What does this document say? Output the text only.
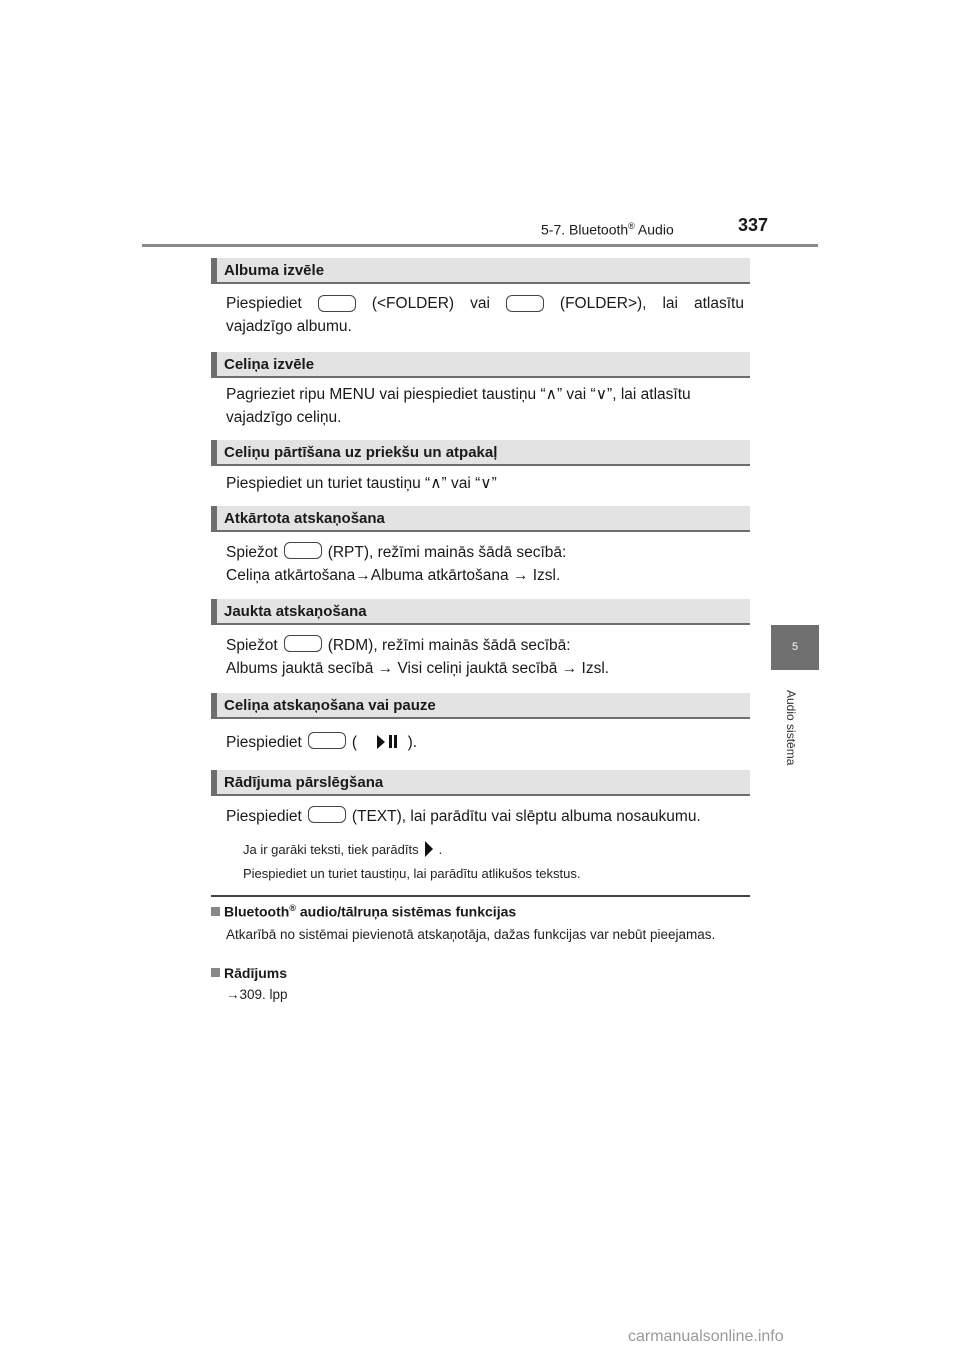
5-7. Bluetooth® Audio	337
5
Audio sistēma
Albuma izvēle
Piespiediet	(<FOLDER) vai	(FOLDER>), lai atlasītu
vajadzīgo albumu.
Celiņa izvēle
Pagrieziet ripu MENU vai piespiediet taustiņu “∧” vai “∨”, lai atlasītu
vajadzīgo celiņu.
Celiņu pārtīšana uz priekšu un atpakaļ
Piespiediet un turiet taustiņu “∧” vai “∨”
Atkārtota atskaņošana
Spiežot	(RPT), režīmi mainās šādā secībā:
Celiņa atkārtošana→Albuma atkārtošana → Izsl.
Jaukta atskaņošana
Spiežot	(RDM), režīmi mainās šādā secībā:
Albums jauktā secībā → Visi celiņi jauktā secībā → Izsl.
Celiņa atskaņošana vai pauze
Piespiediet	(	).
Rādījuma pārslēgšana
Piespiediet	(TEXT), lai parādītu vai slēptu albuma nosaukumu.
Ja ir garāki teksti, tiek parādīts .
Piespiediet un turiet taustiņu, lai parādītu atlikušos tekstus.
Bluetooth® audio/tālruņa sistēmas funkcijas
Atkarībā no sistēmai pievienotā atskaņotāja, dažas funkcijas var nebūt pieejamas.
Rādījums
→309. lpp
carmanualsonline.info
